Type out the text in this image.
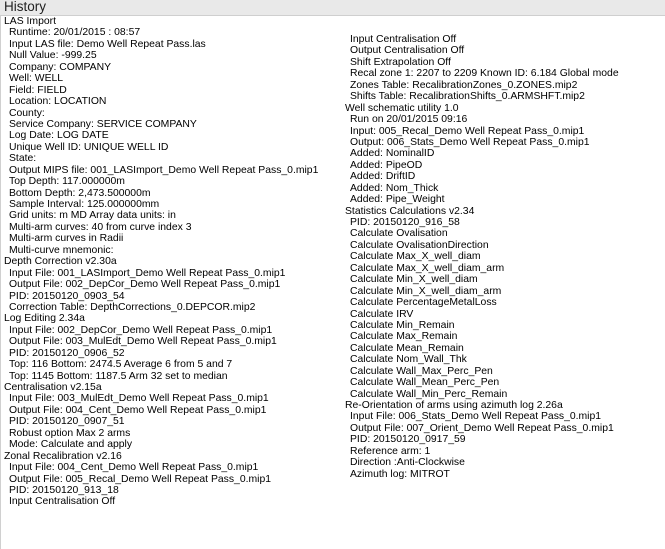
History
LAS Import
Runtime: 20/01/2015 : 08:57
Input LAS file: Demo Well Repeat Pass.las
Null Value: -999.25
Company: COMPANY
Well: WELL
Field: FIELD
Location: LOCATION
County:
Service Company: SERVICE COMPANY
Log Date: LOG DATE
Unique Well ID: UNIQUE WELL ID
State:
Output MIPS file: 001_LASImport_Demo Well Repeat Pass_0.mip1
Top Depth: 117.000000m
Bottom Depth: 2,473.500000m
Sample Interval: 125.000000mm
Grid units: m MD Array data units: in
Multi-arm curves: 40 from curve index 3
Multi-arm curves in Radii
Multi-curve mnemonic:
Depth Correction v2.30a
Input File: 001_LASImport_Demo Well Repeat Pass_0.mip1
Output File: 002_DepCor_Demo Well Repeat Pass_0.mip1
PID: 20150120_0903_54
Correction Table: DepthCorrections_0.DEPCOR.mip2
Log Editing 2.34a
Input File: 002_DepCor_Demo Well Repeat Pass_0.mip1
Output File: 003_MulEdt_Demo Well Repeat Pass_0.mip1
PID: 20150120_0906_52
Top: 116 Bottom: 2474.5 Average 6 from 5 and 7
Top: 1145 Bottom: 1187.5 Arm 32 set to median
Centralisation v2.15a
Input File: 003_MulEdt_Demo Well Repeat Pass_0.mip1
Output File: 004_Cent_Demo Well Repeat Pass_0.mip1
PID: 20150120_0907_51
Robust option Max 2 arms
Mode: Calculate and apply
Zonal Recalibration v2.16
Input File: 004_Cent_Demo Well Repeat Pass_0.mip1
Output File: 005_Recal_Demo Well Repeat Pass_0.mip1
PID: 20150120_913_18
Input Centralisation Off
Input Centralisation Off
Output Centralisation Off
Shift Extrapolation Off
Recal zone 1: 2207 to 2209 Known ID: 6.184 Global mode
Zones Table: RecalibrationZones_0.ZONES.mip2
Shifts Table: RecalibrationShifts_0.ARMSHFT.mip2
Well schematic utility 1.0
Run on 20/01/2015 09:16
Input: 005_Recal_Demo Well Repeat Pass_0.mip1
Output: 006_Stats_Demo Well Repeat Pass_0.mip1
Added: NominalID
Added: PipeOD
Added: DriftID
Added: Nom_Thick
Added: Pipe_Weight
Statistics Calculations v2.34
PID: 20150120_916_58
Calculate Ovalisation
Calculate OvalisationDirection
Calculate Max_X_well_diam
Calculate Max_X_well_diam_arm
Calculate Min_X_well_diam
Calculate Min_X_well_diam_arm
Calculate PercentageMetalLoss
Calculate IRV
Calculate Min_Remain
Calculate Max_Remain
Calculate Mean_Remain
Calculate Nom_Wall_Thk
Calculate Wall_Max_Perc_Pen
Calculate Wall_Mean_Perc_Pen
Calculate Wall_Min_Perc_Remain
Re-Orientation of arms using azimuth log 2.26a
Input File: 006_Stats_Demo Well Repeat Pass_0.mip1
Output File: 007_Orient_Demo Well Repeat Pass_0.mip1
PID: 20150120_0917_59
Reference arm: 1
Direction :Anti-Clockwise
Azimuth log: MITROT
